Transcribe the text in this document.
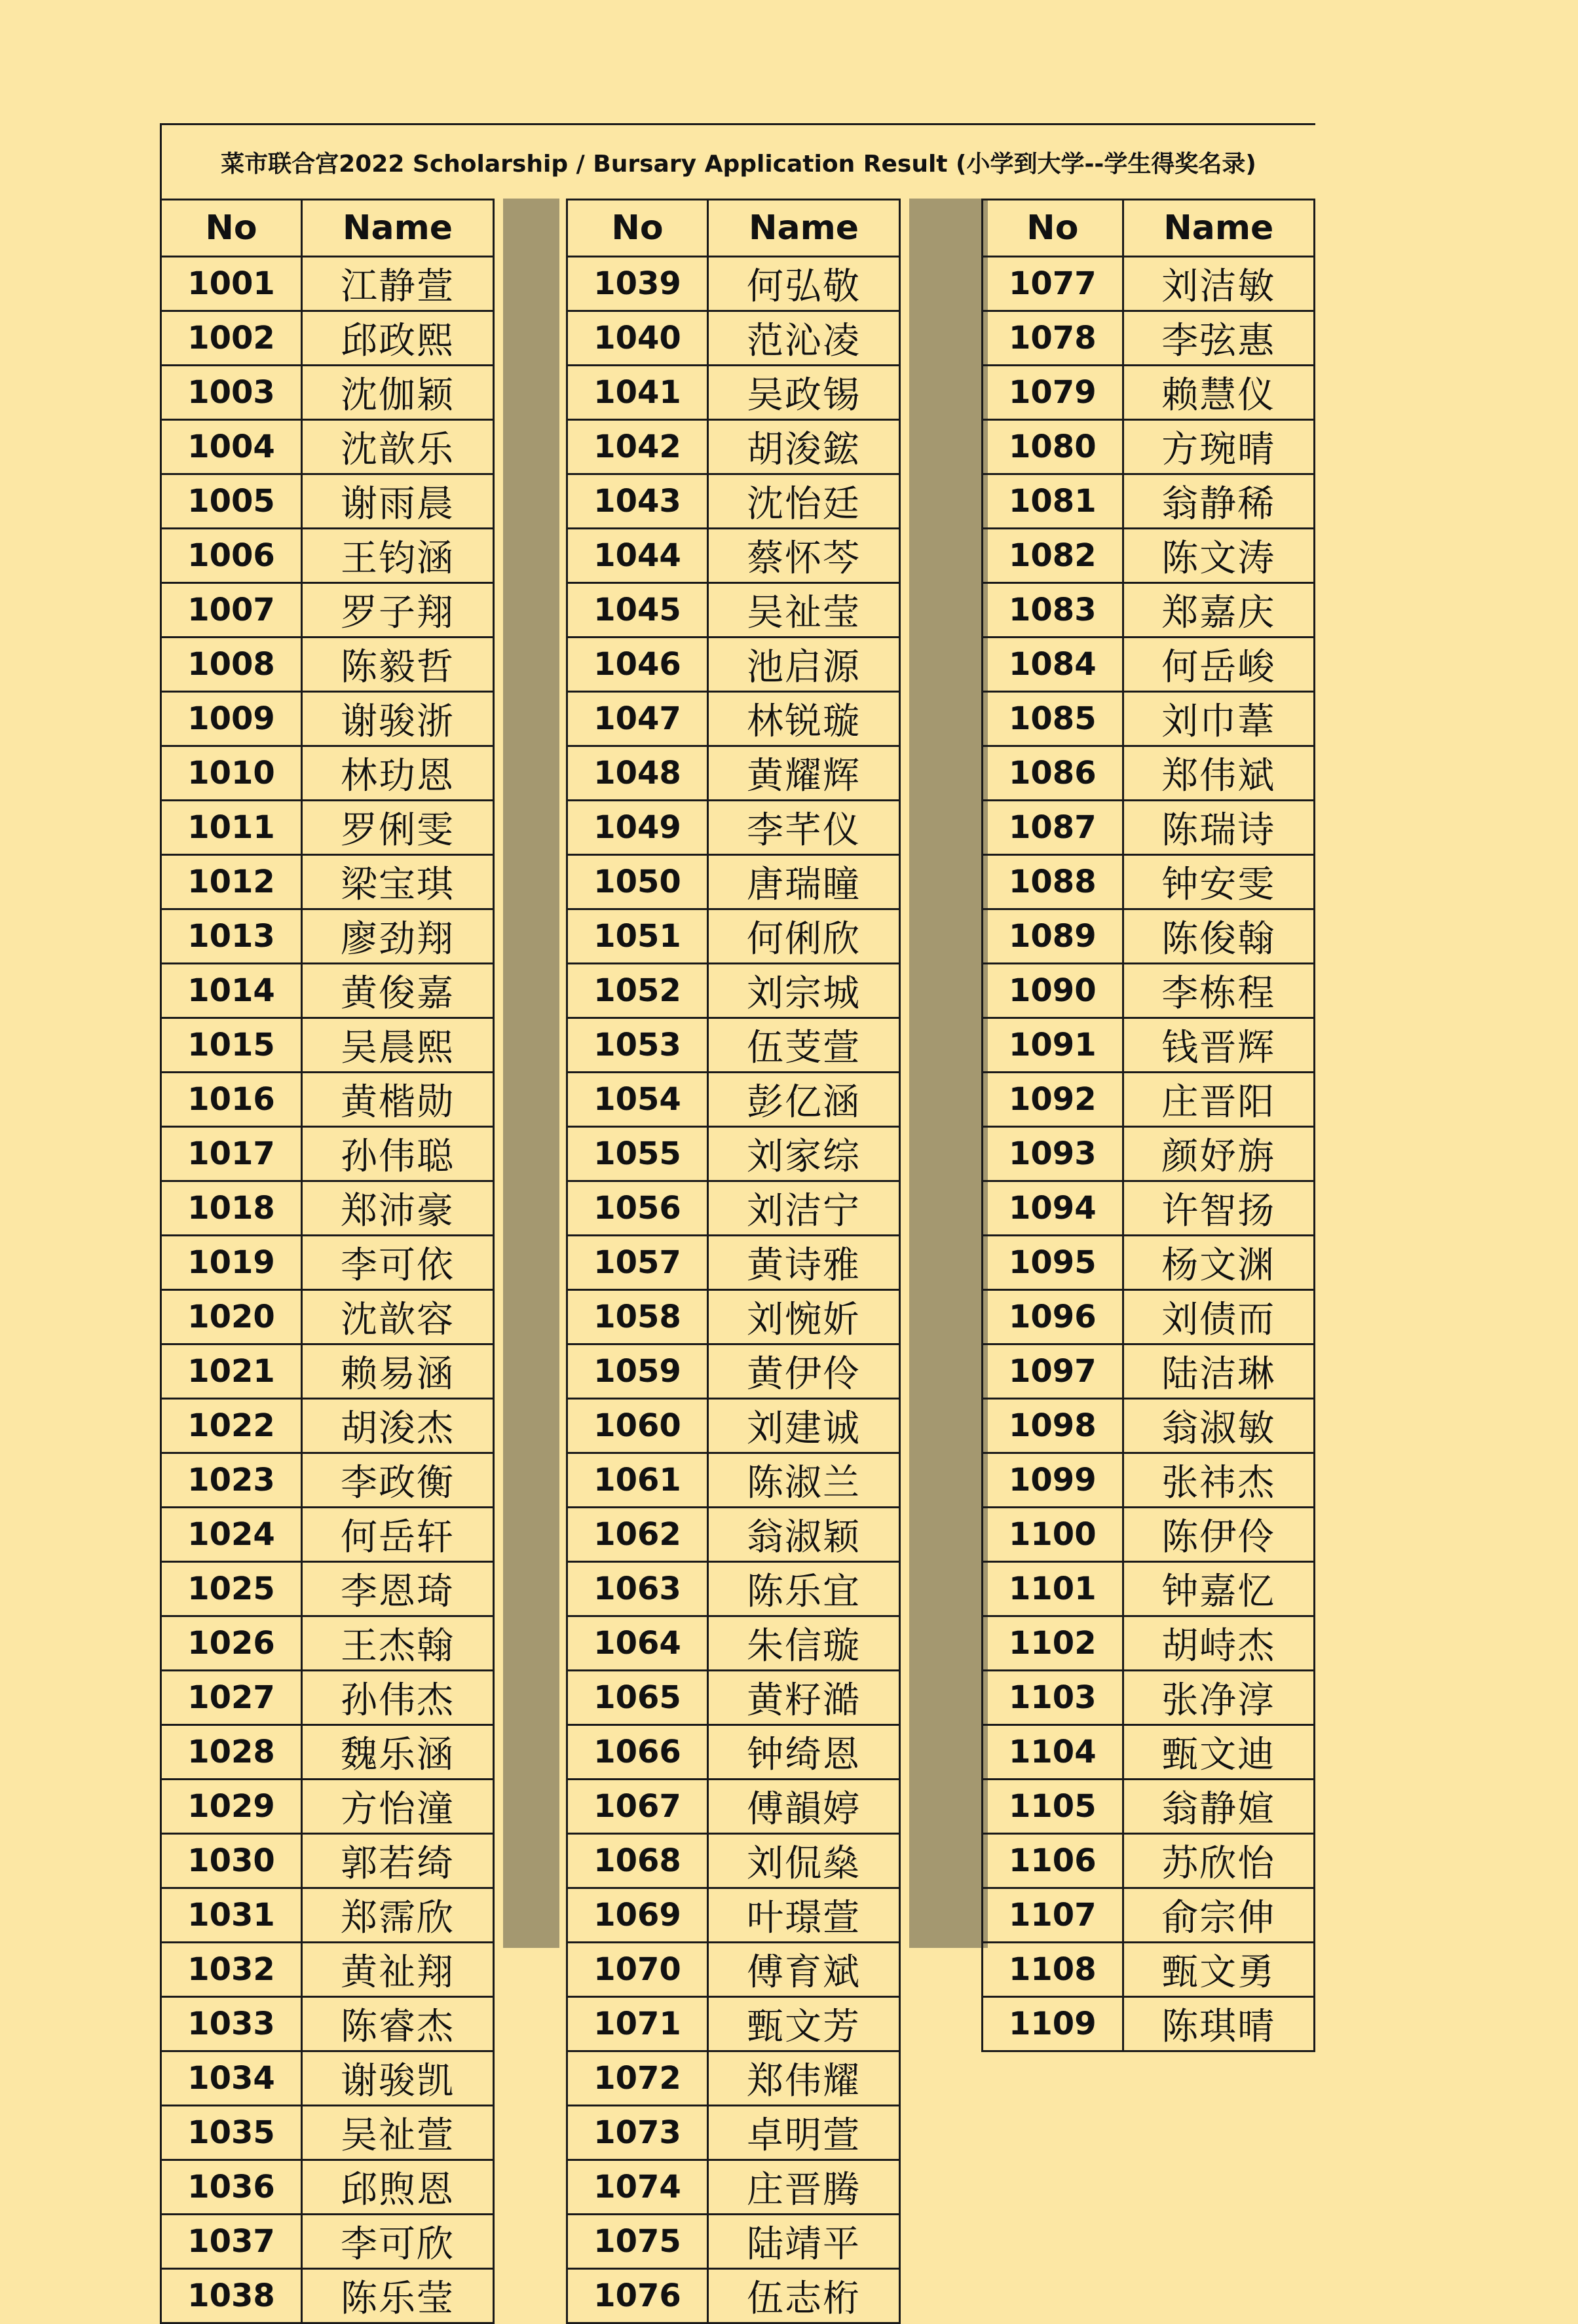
菜市联合宫2022 Scholarship / Bursary Application Result (小学到大学--学生得奖名录)
No	Name
1001	江静萱
1002	邱政熙
1003	沈伽颖
1004	沈歆乐
1005	谢雨晨
1006	王钧涵
1007	罗子翔
1008	陈毅哲
1009	谢骏浙
1010	林玏恩
1011	罗俐雯
1012	梁宝琪
1013	廖劲翔
1014	黄俊嘉
1015	吴晨熙
1016	黄楷勋
1017	孙伟聪
1018	郑沛豪
1019	李可依
1020	沈歆容
1021	赖易涵
1022	胡浚杰
1023	李政衡
1024	何岳轩
1025	李恩琦
1026	王杰翰
1027	孙伟杰
1028	魏乐涵
1029	方怡潼
1030	郭若绮
1031	郑霈欣
1032	黄祉翔
1033	陈睿杰
1034	谢骏凯
1035	吴祉萱
1036	邱煦恩
1037	李可欣
1038	陈乐莹
No	Name
1039	何弘敬
1040	范沁凌
1041	吴政锡
1042	胡浚鋐
1043	沈怡廷
1044	蔡怀芩
1045	吴祉莹
1046	池启源
1047	林锐璇
1048	黄耀辉
1049	李芊仪
1050	唐瑞瞳
1051	何俐欣
1052	刘宗城
1053	伍芰萱
1054	彭亿涵
1055	刘家综
1056	刘洁宁
1057	黄诗雅
1058	刘惋妡
1059	黄伊伶
1060	刘建诚
1061	陈淑兰
1062	翁淑颖
1063	陈乐宜
1064	朱信璇
1065	黄籽澔
1066	钟绮恩
1067	傅韻婷
1068	刘侃燊
1069	叶璟萱
1070	傅育斌
1071	甄文芳
1072	郑伟耀
1073	卓明萱
1074	庄晋腾
1075	陆靖平
1076	伍志桁
No	Name
1077	刘洁敏
1078	李弦惠
1079	赖慧仪
1080	方琬晴
1081	翁静稀
1082	陈文涛
1083	郑嘉庆
1084	何岳峻
1085	刘巾葦
1086	郑伟斌
1087	陈瑞诗
1088	钟安雯
1089	陈俊翰
1090	李栋程
1091	钱晋辉
1092	庄晋阳
1093	颜妤旃
1094	许智扬
1095	杨文渊
1096	刘债而
1097	陆洁琳
1098	翁淑敏
1099	张祎杰
1100	陈伊伶
1101	钟嘉忆
1102	胡峙杰
1103	张净淳
1104	甄文迪
1105	翁静媗
1106	苏欣怡
1107	俞宗伸
1108	甄文勇
1109	陈琪晴
